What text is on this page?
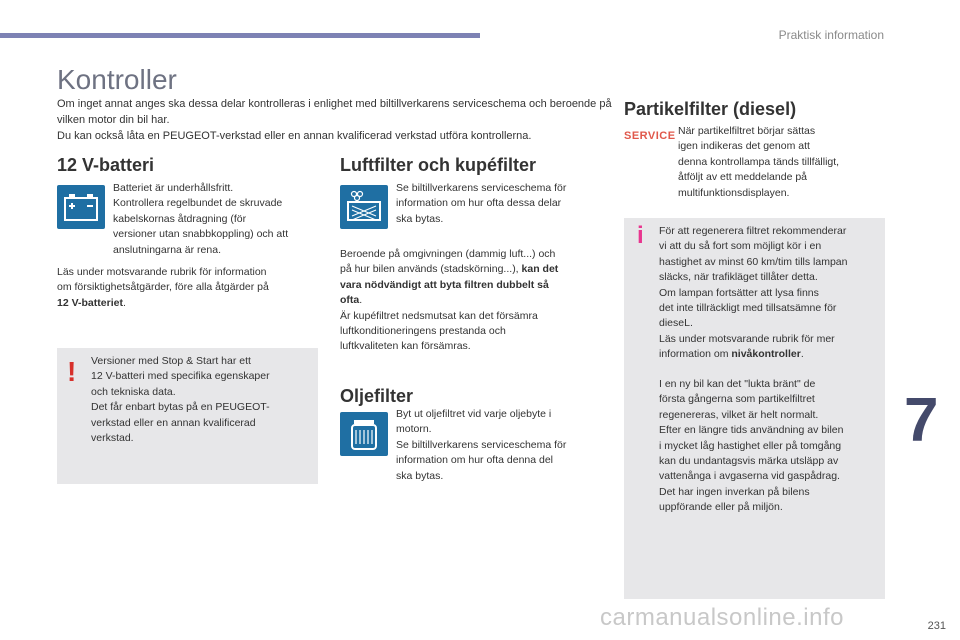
Praktisk information
Kontroller

Om inget annat anges ska dessa delar kontrolleras i enlighet med biltillverkarens serviceschema och beroende på vilken motor din bil har.

Du kan också låta en PEUGEOT-verkstad eller en annan kvalificerad verkstad utföra kontrollerna.

12 V-batteri
Batteriet är underhållsfritt.
Kontrollera regelbundet de skruvade
kabelskornas åtdragning (för
versioner utan snabbkoppling) och att
anslutningarna är rena.
Läs under motsvarande rubrik för information
om försiktighetsåtgärder, före alla åtgärder på
12 V-batteriet.
! Versioner med Stop & Start har ett
12 V-batteri med specifika egenskaper
och tekniska data.
Det får enbart bytas på en PEUGEOT-
verkstad eller en annan kvalificerad
verkstad.
Luftfilter och kupéfilter
Se biltillverkarens serviceschema för
information om hur ofta dessa delar
ska bytas.
Beroende på omgivningen (dammig luft...) och
på hur bilen används (stadskörning...), kan det
vara nödvändigt att byta filtren dubbelt så
ofta.
Är kupéfiltret nedsmutsat kan det försämra
luftkonditioneringens prestanda och
luftkvaliteten kan försämras.
Oljefilter
Byt ut oljefiltret vid varje oljebyte i
motorn.
Se biltillverkarens serviceschema för
information om hur ofta denna del
ska bytas.
Partikelfilter (diesel)
SERVICE När partikelfiltret börjar sättas
igen indikeras det genom att
denna kontrollampa tänds tillfälligt,
åtföljt av ett meddelande på
multifunktionsdisplayen.
i För att regenerera filtret rekommenderar
vi att du så fort som möjligt kör i en
hastighet av minst 60 km/tim tills lampan
släcks, när trafikläget tillåter detta.
Om lampan fortsätter att lysa finns
det inte tillräckligt med tillsatsämne för
dieseL.
Läs under motsvarande rubrik för mer
information om nivåkontroller.
I en ny bil kan det "lukta bränt" de
första gångerna som partikelfiltret
regenereras, vilket är helt normalt.
Efter en längre tids användning av bilen
i mycket låg hastighet eller på tomgång
kan du undantagsvis märka utsläpp av
vattenånga i avgaserna vid gaspådrag.
Det har ingen inverkan på bilens
uppförande eller på miljön.
7
carmanualsonline.info	231
